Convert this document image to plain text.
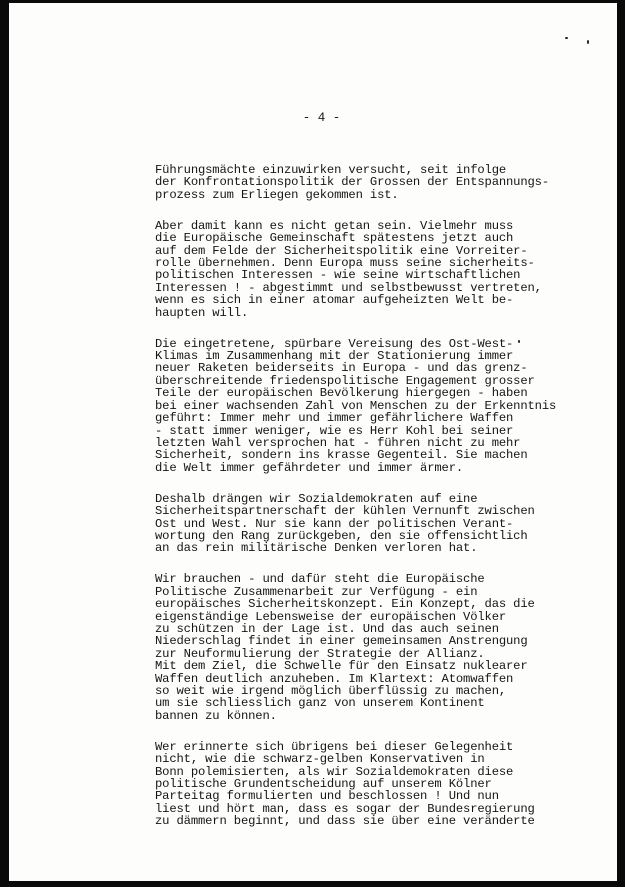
- 4 -
Führungsmächte einzuwirken versucht, seit infolge
der Konfrontationspolitik der Grossen der Entspannungs-
prozess zum Erliegen gekommen ist.
Aber damit kann es nicht getan sein. Vielmehr muss
die Europäische Gemeinschaft spätestens jetzt auch
auf dem Felde der Sicherheitspolitik eine Vorreiter-
rolle übernehmen. Denn Europa muss seine sicherheits-
politischen Interessen - wie seine wirtschaftlichen
Interessen ! - abgestimmt und selbstbewusst vertreten,
wenn es sich in einer atomar aufgeheizten Welt be-
haupten will.
Die eingetretene, spürbare Vereisung des Ost-West-
Klimas im Zusammenhang mit der Stationierung immer
neuer Raketen beiderseits in Europa - und das grenz-
überschreitende friedenspolitische Engagement grosser
Teile der europäischen Bevölkerung hiergegen - haben
bei einer wachsenden Zahl von Menschen zu der Erkenntnis
geführt: Immer mehr und immer gefährlichere Waffen
- statt immer weniger, wie es Herr Kohl bei seiner
letzten Wahl versprochen hat - führen nicht zu mehr
Sicherheit, sondern ins krasse Gegenteil. Sie machen
die Welt immer gefährdeter und immer ärmer.
Deshalb drängen wir Sozialdemokraten auf eine
Sicherheitspartnerschaft der kühlen Vernunft zwischen
Ost und West. Nur sie kann der politischen Verant-
wortung den Rang zurückgeben, den sie offensichtlich
an das rein militärische Denken verloren hat.
Wir brauchen - und dafür steht die Europäische
Politische Zusammenarbeit zur Verfügung - ein
europäisches Sicherheitskonzept. Ein Konzept, das die
eigenständige Lebensweise der europäischen Völker
zu schützen in der Lage ist. Und das auch seinen
Niederschlag findet in einer gemeinsamen Anstrengung
zur Neuformulierung der Strategie der Allianz.
Mit dem Ziel, die Schwelle für den Einsatz nuklearer
Waffen deutlich anzuheben. Im Klartext: Atomwaffen
so weit wie irgend möglich überflüssig zu machen,
um sie schliesslich ganz von unserem Kontinent
bannen zu können.
Wer erinnerte sich übrigens bei dieser Gelegenheit
nicht, wie die schwarz-gelben Konservativen in
Bonn polemisierten, als wir Sozialdemokraten diese
politische Grundentscheidung auf unserem Kölner
Parteitag formulierten und beschlossen ! Und nun
liest und hört man, dass es sogar der Bundesregierung
zu dämmern beginnt, und dass sie über eine veränderte
